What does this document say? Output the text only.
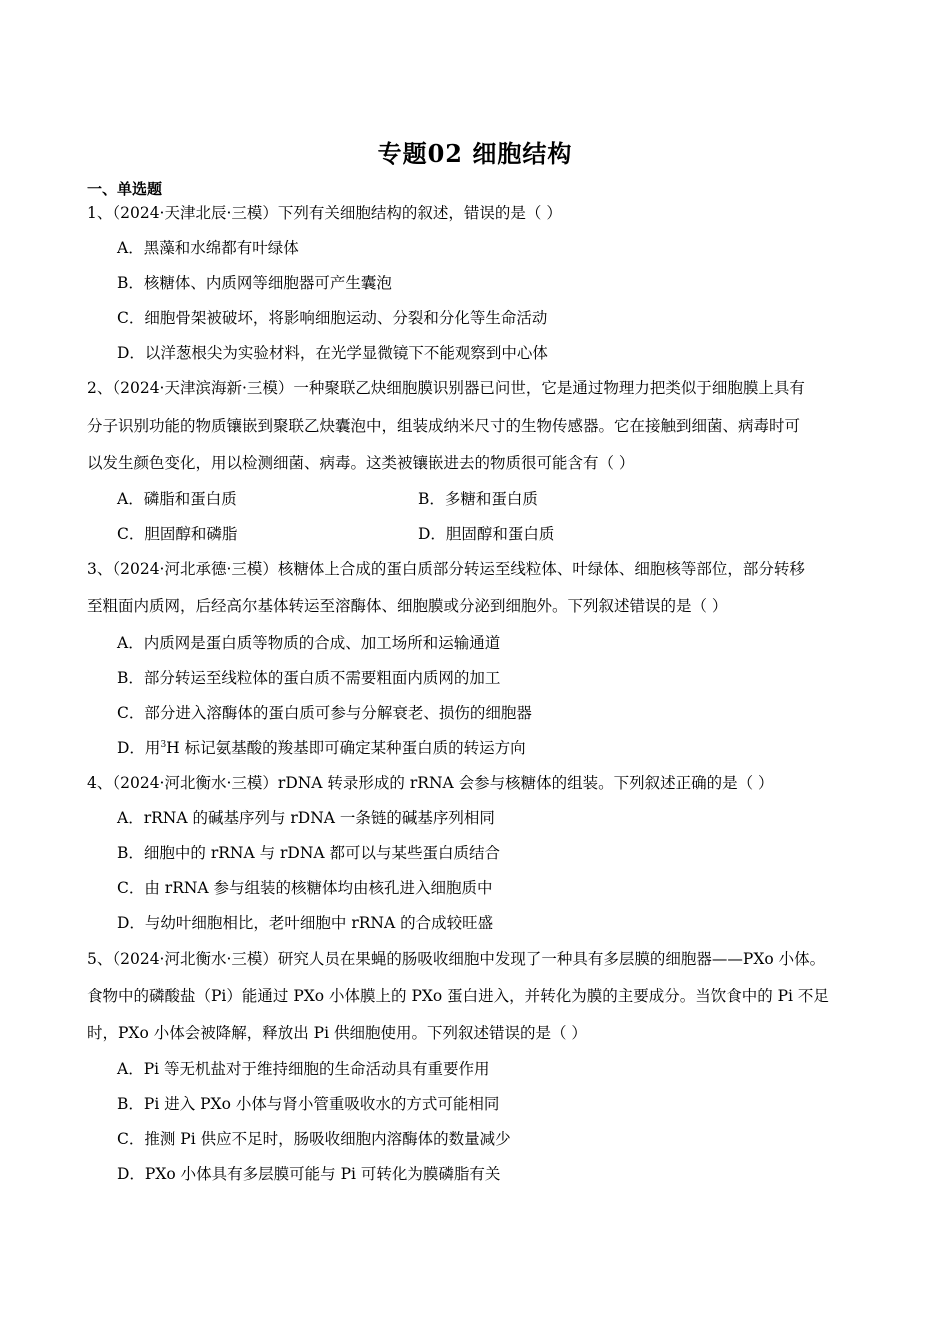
专题02 细胞结构
一、单选题
1、（2024·天津北辰·三模）下列有关细胞结构的叙述，错误的是（ ）
A．黑藻和水绵都有叶绿体
B．核糖体、内质网等细胞器可产生囊泡
C．细胞骨架被破坏，将影响细胞运动、分裂和分化等生命活动
D．以洋葱根尖为实验材料，在光学显微镜下不能观察到中心体
2、（2024·天津滨海新·三模）一种聚联乙炔细胞膜识别器已问世，它是通过物理力把类似于细胞膜上具有
分子识别功能的物质镶嵌到聚联乙炔囊泡中，组装成纳米尺寸的生物传感器。它在接触到细菌、病毒时可
以发生颜色变化，用以检测细菌、病毒。这类被镶嵌进去的物质很可能含有（ ）
A．磷脂和蛋白质	B．多糖和蛋白质
C．胆固醇和磷脂	D．胆固醇和蛋白质
3、（2024·河北承德·三模）核糖体上合成的蛋白质部分转运至线粒体、叶绿体、细胞核等部位，部分转移
至粗面内质网，后经高尔基体转运至溶酶体、细胞膜或分泌到细胞外。下列叙述错误的是（ ）
A．内质网是蛋白质等物质的合成、加工场所和运输通道
B．部分转运至线粒体的蛋白质不需要粗面内质网的加工
C．部分进入溶酶体的蛋白质可参与分解衰老、损伤的细胞器
D．用$^3$H 标记氨基酸的羧基即可确定某种蛋白质的转运方向
4、（2024·河北衡水·三模）rDNA 转录形成的 rRNA 会参与核糖体的组装。下列叙述正确的是（ ）
A．rRNA 的碱基序列与 rDNA 一条链的碱基序列相同
B．细胞中的 rRNA 与 rDNA 都可以与某些蛋白质结合
C．由 rRNA 参与组装的核糖体均由核孔进入细胞质中
D．与幼叶细胞相比，老叶细胞中 rRNA 的合成较旺盛
5、（2024·河北衡水·三模）研究人员在果蝇的肠吸收细胞中发现了一种具有多层膜的细胞器——PXo 小体。
食物中的磷酸盐（Pi）能通过 PXo 小体膜上的 PXo 蛋白进入，并转化为膜的主要成分。当饮食中的 Pi 不足
时，PXo 小体会被降解，释放出 Pi 供细胞使用。下列叙述错误的是（ ）
A．Pi 等无机盐对于维持细胞的生命活动具有重要作用
B．Pi 进入 PXo 小体与肾小管重吸收水的方式可能相同
C．推测 Pi 供应不足时，肠吸收细胞内溶酶体的数量减少
D．PXo 小体具有多层膜可能与 Pi 可转化为膜磷脂有关
